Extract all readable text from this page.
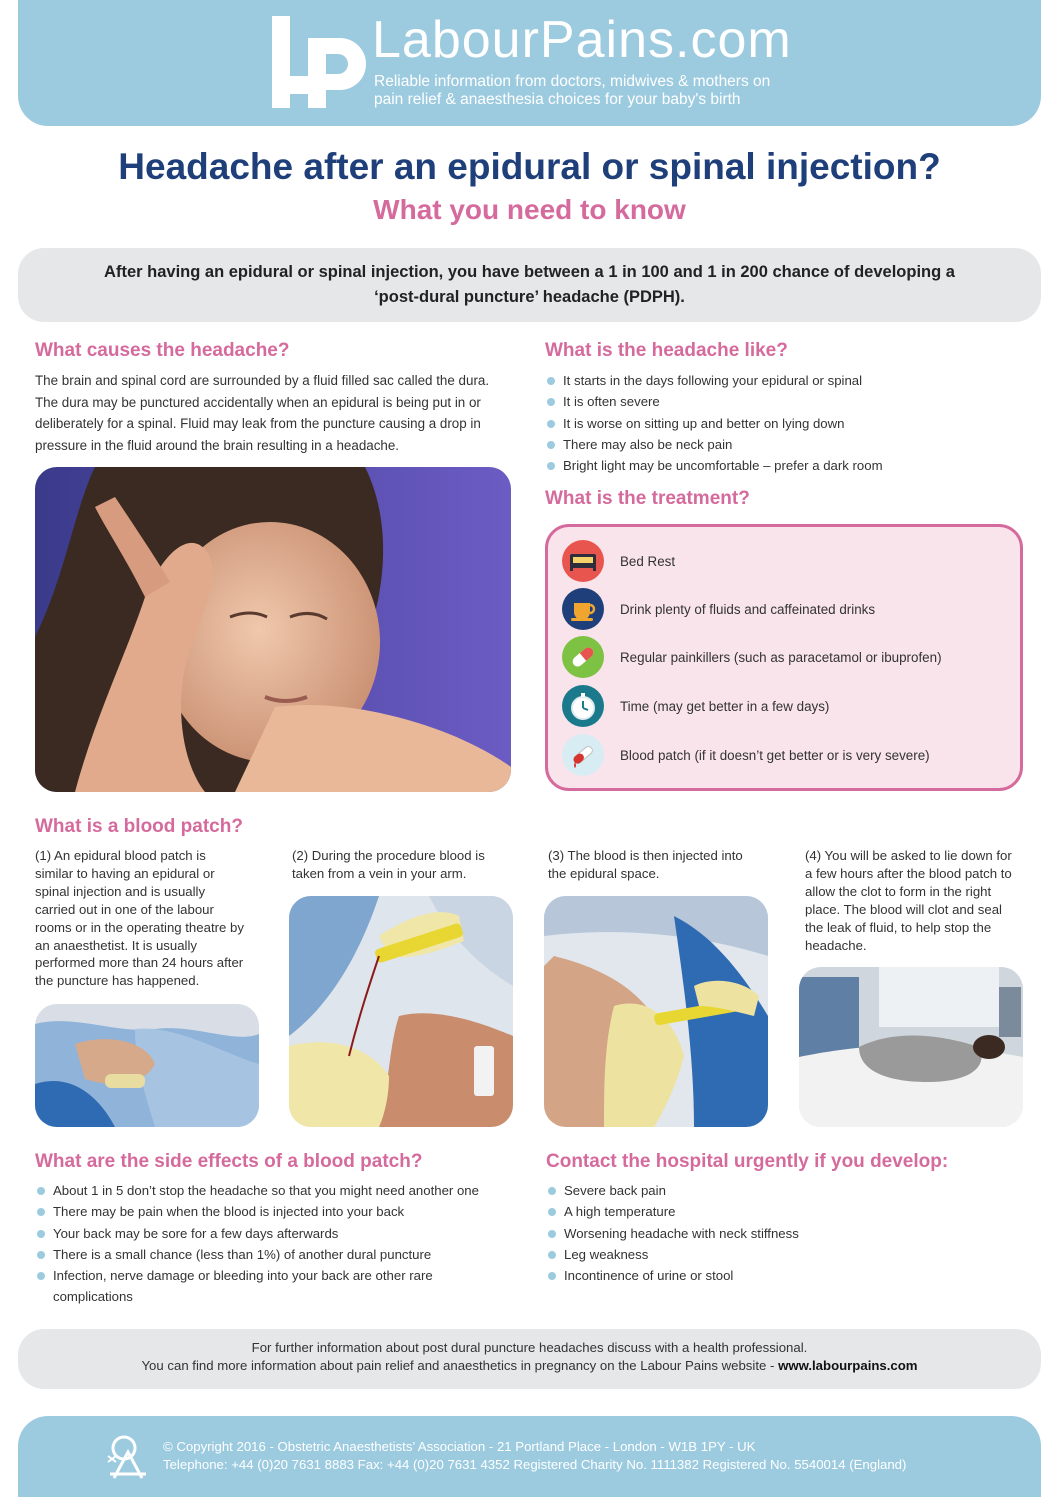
LabourPains.com
Reliable information from doctors, midwives & mothers on
pain relief & anaesthesia choices for your baby's birth
Headache after an epidural or spinal injection?
What you need to know
After having an epidural or spinal injection, you have between a 1 in 100 and 1 in 200 chance of developing a
‘post-dural puncture’ headache (PDPH).
What causes the headache?
The brain and spinal cord are surrounded by a fluid filled sac called the dura.
The dura may be punctured accidentally when an epidural is being put in or
deliberately for a spinal. Fluid may leak from the puncture causing a drop in
pressure in the fluid around the brain resulting in a headache.
What is the headache like?
It starts in the days following your epidural or spinal
It is often severe
It is worse on sitting up and better on lying down
There may also be neck pain
Bright light may be uncomfortable – prefer a dark room
What is the treatment?
Bed Rest
Drink plenty of fluids and caffeinated drinks
Regular painkillers (such as paracetamol or ibuprofen)
Time (may get better in a few days)
Blood patch (if it doesn’t get better or is very severe)
What is a blood patch?
(1) An epidural blood patch is
similar to having an epidural or
spinal injection and is usually
carried out in one of the labour
rooms or in the operating theatre by
an anaesthetist. It is usually
performed more than 24 hours after
the puncture has happened.
(2) During the procedure blood is
taken from a vein in your arm.
(3) The blood is then injected into
the epidural space.
(4) You will be asked to lie down for
a few hours after the blood patch to
allow the clot to form in the right
place. The blood will clot and seal
the leak of fluid, to help stop the
headache.
What are the side effects of a blood patch?
About 1 in 5 don’t stop the headache so that you might need another one
There may be pain when the blood is injected into your back
Your back may be sore for a few days afterwards
There is a small chance (less than 1%) of another dural puncture
Infection, nerve damage or bleeding into your back are other rare
complications
Contact the hospital urgently if you develop:
Severe back pain
A high temperature
Worsening headache with neck stiffness
Leg weakness
Incontinence of urine or stool
For further information about post dural puncture headaches discuss with a health professional.
You can find more information about pain relief and anaesthetics in pregnancy on the Labour Pains website - www.labourpains.com
© Copyright 2016 - Obstetric Anaesthetists’ Association - 21 Portland Place - London - W1B 1PY - UK
Telephone: +44 (0)20 7631 8883 Fax: +44 (0)20 7631 4352 Registered Charity No. 1111382 Registered No. 5540014 (England)
